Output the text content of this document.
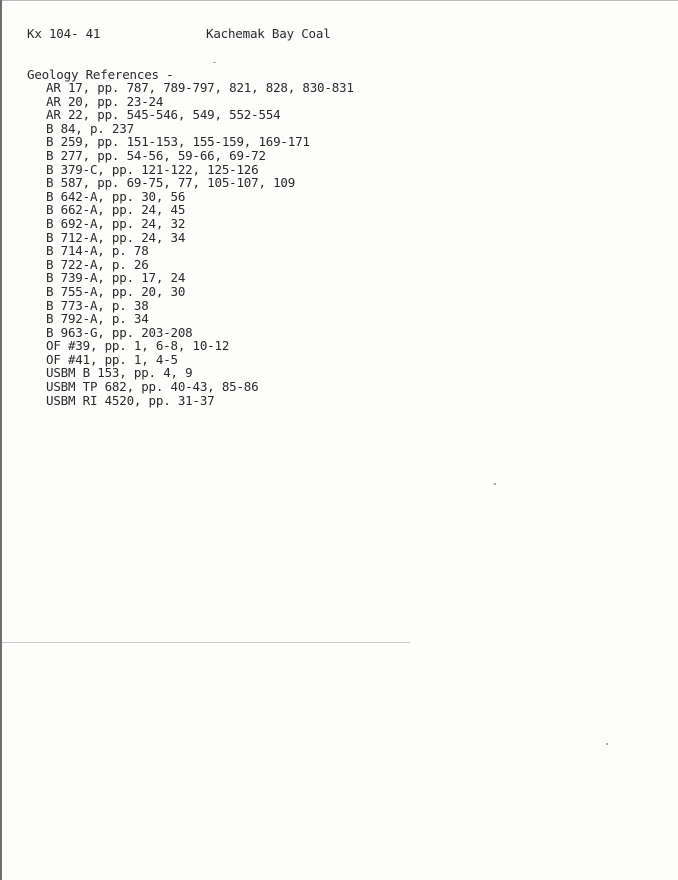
Kx 104- 41	Kachemak Bay Coal
Geology References -
AR 17, pp. 787, 789-797, 821, 828, 830-831
AR 20, pp. 23-24
AR 22, pp. 545-546, 549, 552-554
B 84, p. 237
B 259, pp. 151-153, 155-159, 169-171
B 277, pp. 54-56, 59-66, 69-72
B 379-C, pp. 121-122, 125-126
B 587, pp. 69-75, 77, 105-107, 109
B 642-A, pp. 30, 56
B 662-A, pp. 24, 45
B 692-A, pp. 24, 32
B 712-A, pp. 24, 34
B 714-A, p. 78
B 722-A, p. 26
B 739-A, pp. 17, 24
B 755-A, pp. 20, 30
B 773-A, p. 38
B 792-A, p. 34
B 963-G, pp. 203-208
OF #39, pp. 1, 6-8, 10-12
OF #41, pp. 1, 4-5
USBM B 153, pp. 4, 9
USBM TP 682, pp. 40-43, 85-86
USBM RI 4520, pp. 31-37
